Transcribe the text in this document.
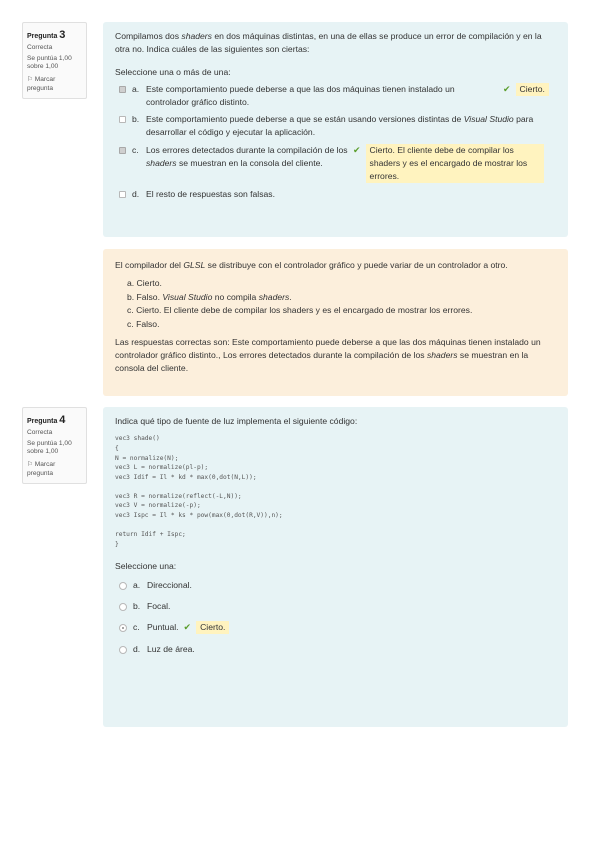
Pregunta 3
Correcta
Se puntúa 1,00
sobre 1,00
⚐ Marcar pregunta
Compilamos dos shaders en dos máquinas distintas, en una de ellas se produce un error de compilación y en la otra no. Indica cuáles de las siguientes son ciertas:
Seleccione una o más de una:
a. Este comportamiento puede deberse a que las dos máquinas tienen instalado un controlador gráfico distinto.
✔	Cierto.
b. Este comportamiento puede deberse a que se están usando versiones distintas de Visual Studio para desarrollar el código y ejecutar la aplicación.
c. Los errores detectados durante la compilación de los shaders se muestran en la consola del cliente.
✔	Cierto. El cliente debe de compilar los shaders y es el encargado de mostrar los errores.
d. El resto de respuestas son falsas.
El compilador del GLSL se distribuye con el controlador gráfico y puede variar de un controlador a otro.
a. Cierto.
b. Falso. Visual Studio no compila shaders.
c. Cierto. El cliente debe de compilar los shaders y es el encargado de mostrar los errores.
c. Falso.
Las respuestas correctas son: Este comportamiento puede deberse a que las dos máquinas tienen instalado un controlador gráfico distinto., Los errores detectados durante la compilación de los shaders se muestran en la consola del cliente.
Pregunta 4
Correcta
Se puntúa 1,00
sobre 1,00
⚐ Marcar pregunta
Indica qué tipo de fuente de luz implementa el siguiente código:
vec3 shade()
{
N = normalize(N);
vec3 L = normalize(pl-p);
vec3 Idif = Il * kd * max(0,dot(N,L));
vec3 R = normalize(reflect(-L,N));
vec3 V = normalize(-p);
vec3 Ispc = Il * ks * pow(max(0,dot(R,V)),n);
return Idif + Ispc;
}
Seleccione una:
a. Direccional.
b. Focal.
c. Puntual. ✔	Cierto.
d. Luz de área.
